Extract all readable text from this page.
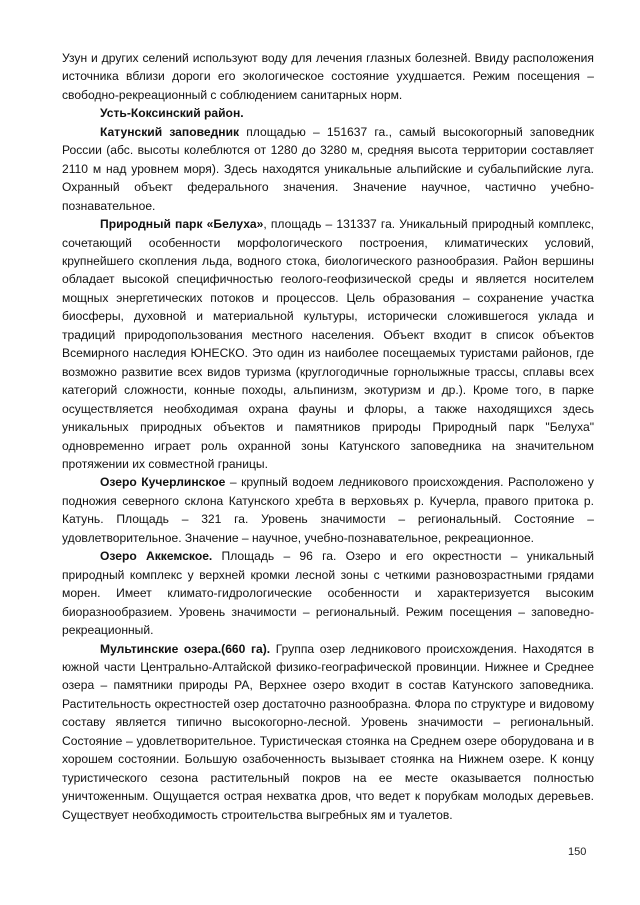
Узун и других селений используют воду для лечения глазных болезней. Ввиду расположения источника вблизи дороги его экологическое состояние ухудшается. Режим посещения – свободно-рекреационный с соблюдением санитарных норм.

Усть-Коксинский район.

Катунский заповедник площадью – 151637 га., самый высокогорный заповедник России (абс. высоты колеблются от 1280 до 3280 м, средняя высота территории составляет 2110 м над уровнем моря). Здесь находятся уникальные альпийские и субальпийские луга. Охранный объект федерального значения. Значение научное, частично учебно-познавательное.

Природный парк «Белуха», площадь – 131337 га. Уникальный природный комплекс, сочетающий особенности морфологического построения, климатических условий, крупнейшего скопления льда, водного стока, биологического разнообразия. Район вершины обладает высокой специфичностью геолого-геофизической среды и является носителем мощных энергетических потоков и процессов. Цель образования – сохранение участка биосферы, духовной и материальной культуры, исторически сложившегося уклада и традиций природопользования местного населения. Объект входит в список объектов Всемирного наследия ЮНЕСКО. Это один из наиболее посещаемых туристами районов, где возможно развитие всех видов туризма (круглогодичные горнолыжные трассы, сплавы всех категорий сложности, конные походы, альпинизм, экотуризм и др.). Кроме того, в парке осуществляется необходимая охрана фауны и флоры, а также находящихся здесь уникальных природных объектов и памятников природы Природный парк "Белуха" одновременно играет роль охранной зоны Катунского заповедника на значительном протяжении их совместной границы.

Озеро Кучерлинское – крупный водоем ледникового происхождения. Расположено у подножия северного склона Катунского хребта в верховьях р. Кучерла, правого притока р. Катунь. Площадь – 321 га. Уровень значимости – региональный. Состояние – удовлетворительное. Значение – научное, учебно-познавательное, рекреационное.

Озеро Аккемское. Площадь – 96 га. Озеро и его окрестности – уникальный природный комплекс у верхней кромки лесной зоны с четкими разновозрастными грядами морен. Имеет климато-гидрологические особенности и характеризуется высоким биоразнообразием. Уровень значимости – региональный. Режим посещения – заповедно-рекреационный.

Мультинские озера.(660 га). Группа озер ледникового происхождения. Находятся в южной части Центрально-Алтайской физико-географической провинции. Нижнее и Среднее озера – памятники природы РА, Верхнее озеро входит в состав Катунского заповедника. Растительность окрестностей озер достаточно разнообразна. Флора по структуре и видовому составу является типично высокогорно-лесной. Уровень значимости – региональный. Состояние – удовлетворительное. Туристическая стоянка на Среднем озере оборудована и в хорошем состоянии. Большую озабоченность вызывает стоянка на Нижнем озере. К концу туристического сезона растительный покров на ее месте оказывается полностью уничтоженным. Ощущается острая нехватка дров, что ведет к порубкам молодых деревьев. Существует необходимость строительства выгребных ям и туалетов.

150
